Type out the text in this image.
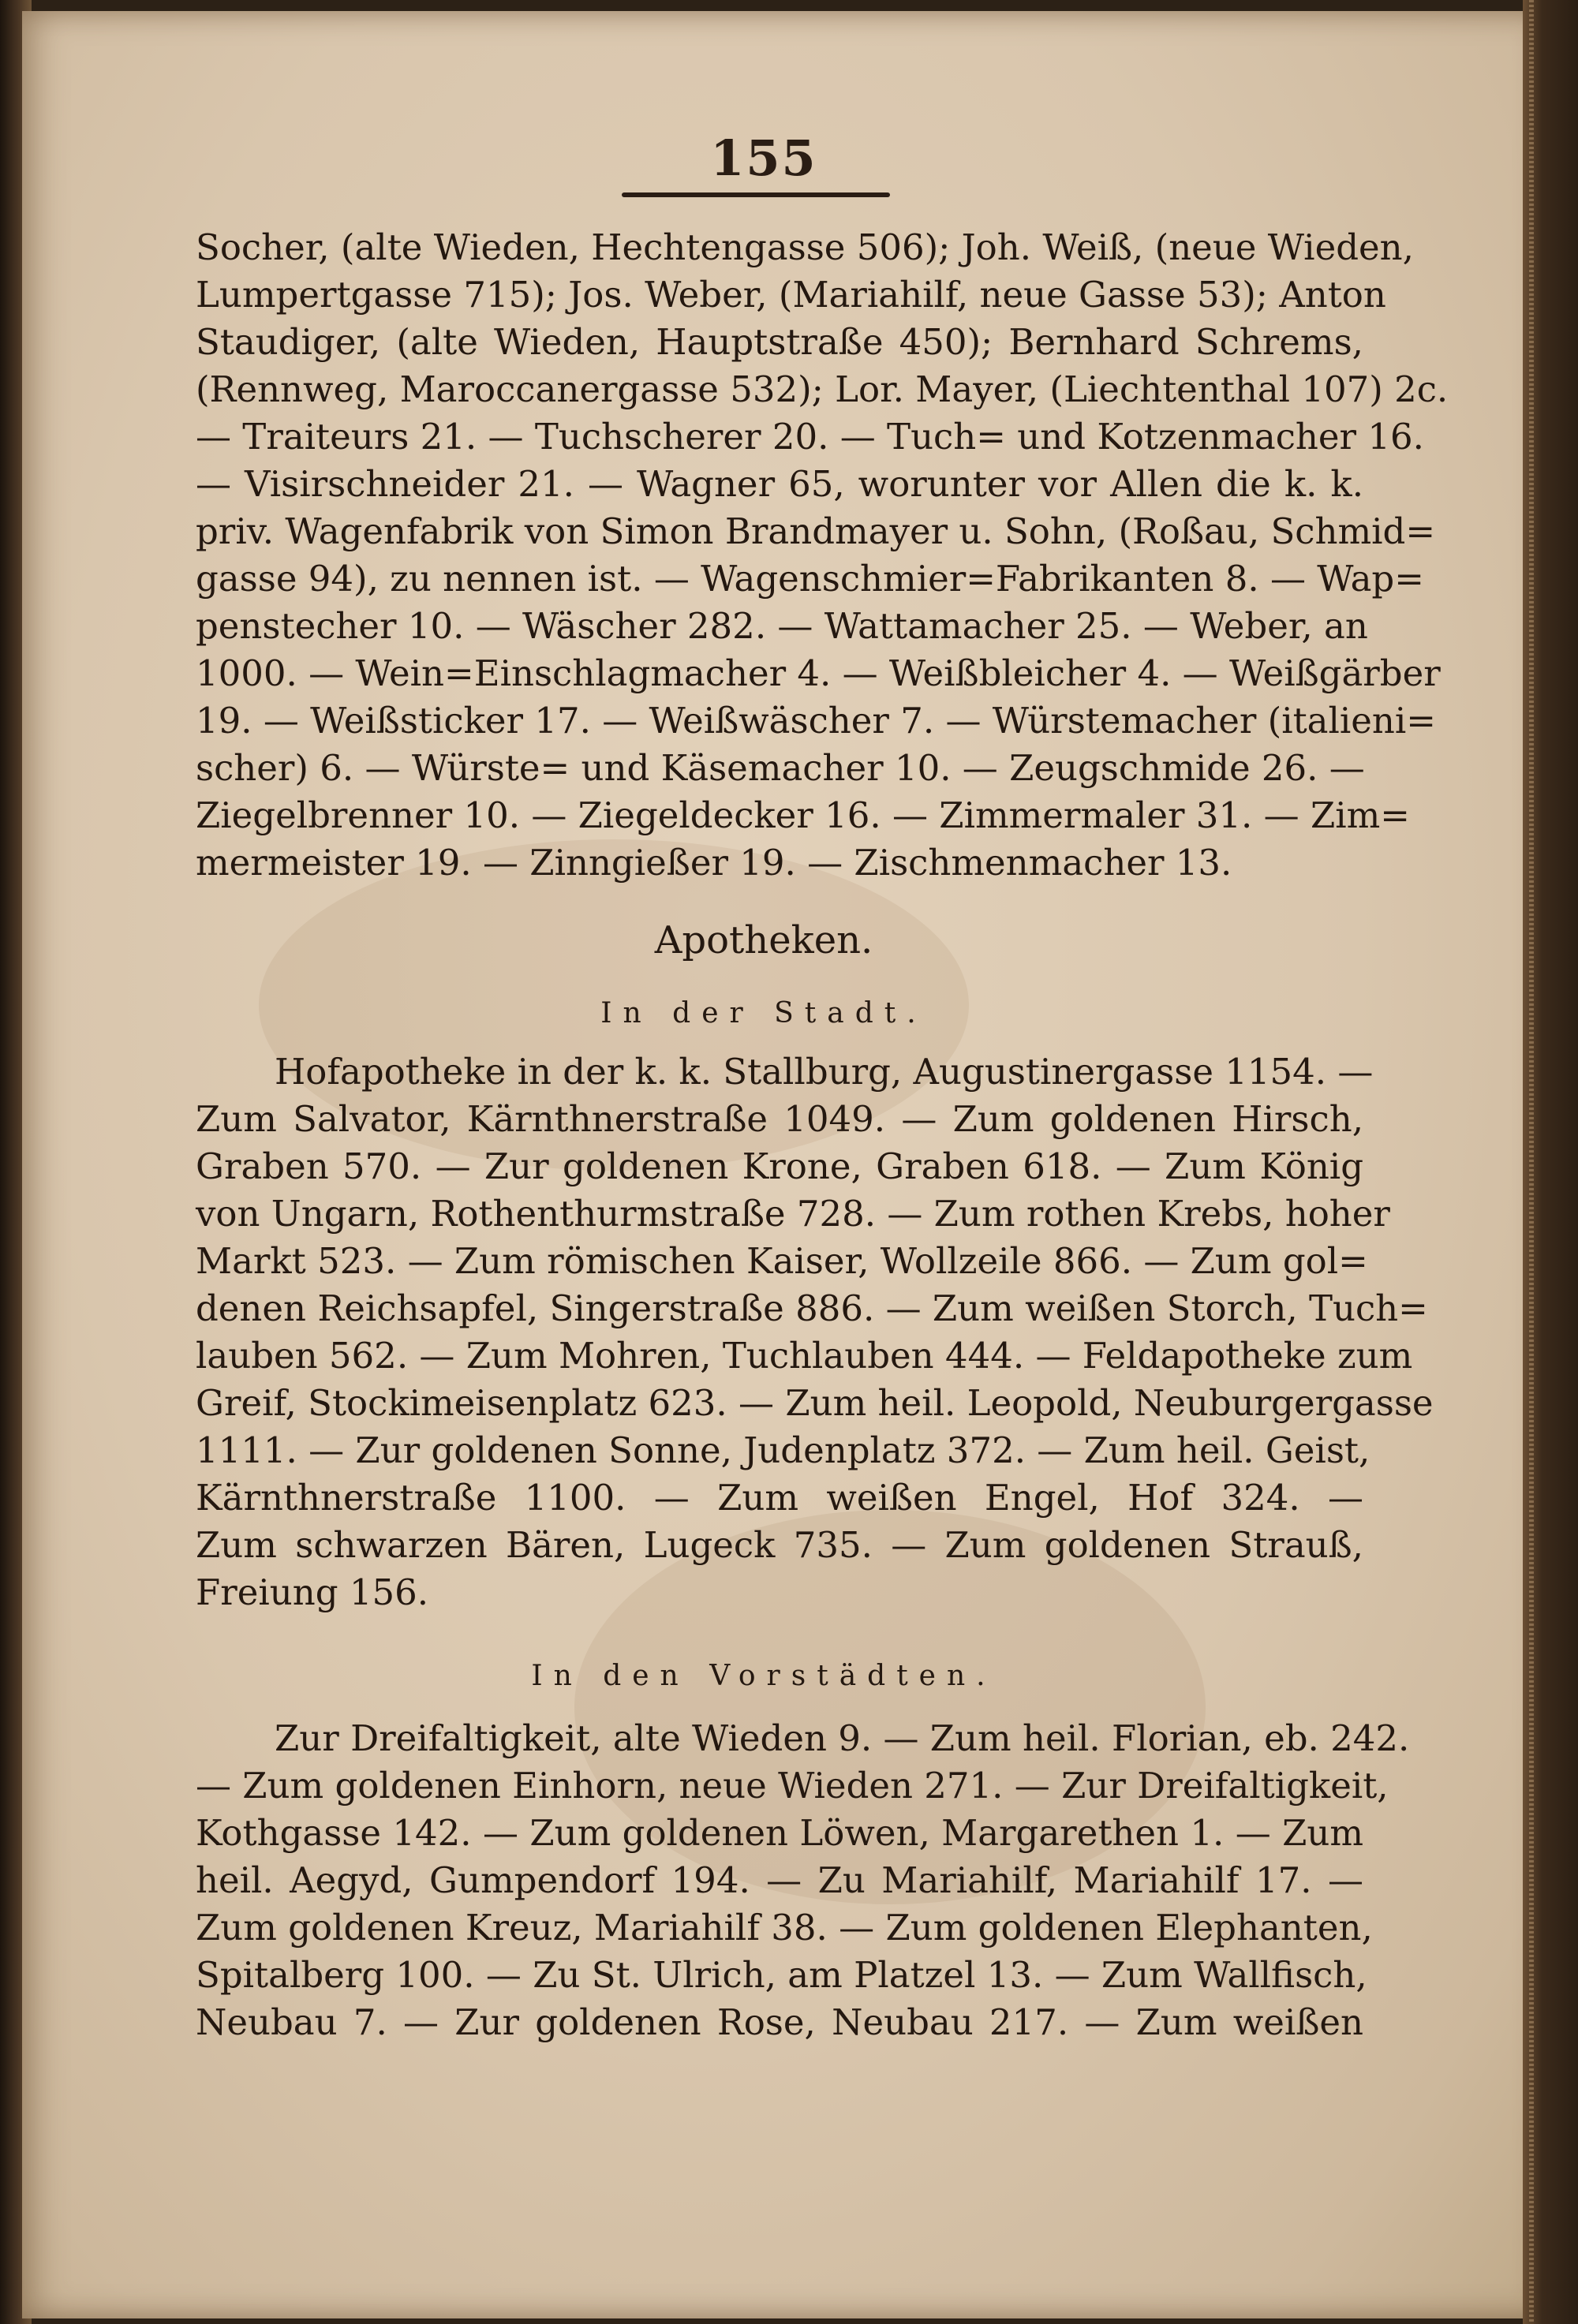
155
Socher, (alte Wieden, Hechtengasse 506); Joh. Weiß, (neue Wieden,
Lumpertgasse 715); Jos. Weber, (Mariahilf, neue Gasse 53); Anton
Staudiger, (alte Wieden, Hauptstraße 450); Bernhard Schrems,
(Rennweg, Maroccanergasse 532); Lor. Mayer, (Liechtenthal 107) 2c.
— Traiteurs 21. — Tuchscherer 20. — Tuch= und Kotzenmacher 16.
— Visirschneider 21. — Wagner 65, worunter vor Allen die k. k.
priv. Wagenfabrik von Simon Brandmayer u. Sohn, (Roßau, Schmid=
gasse 94), zu nennen ist. — Wagenschmier=Fabrikanten 8. — Wap=
penstecher 10. — Wäscher 282. — Wattamacher 25. — Weber, an
1000. — Wein=Einschlagmacher 4. — Weißbleicher 4. — Weißgärber
19. — Weißsticker 17. — Weißwäscher 7. — Würstemacher (italieni=
scher) 6. — Würste= und Käsemacher 10. — Zeugschmide 26. —
Ziegelbrenner 10. — Ziegeldecker 16. — Zimmermaler 31. — Zim=
mermeister 19. — Zinngießer 19. — Zischmenmacher 13.
Apotheken.
In der Stadt.
Hofapotheke in der k. k. Stallburg, Augustinergasse 1154. —
Zum Salvator, Kärnthnerstraße 1049. — Zum goldenen Hirsch,
Graben 570. — Zur goldenen Krone, Graben 618. — Zum König
von Ungarn, Rothenthurmstraße 728. — Zum rothen Krebs, hoher
Markt 523. — Zum römischen Kaiser, Wollzeile 866. — Zum gol=
denen Reichsapfel, Singerstraße 886. — Zum weißen Storch, Tuch=
lauben 562. — Zum Mohren, Tuchlauben 444. — Feldapotheke zum
Greif, Stockimeisenplatz 623. — Zum heil. Leopold, Neuburgergasse
1111. — Zur goldenen Sonne, Judenplatz 372. — Zum heil. Geist,
Kärnthnerstraße 1100. — Zum weißen Engel, Hof 324. —
Zum schwarzen Bären, Lugeck 735. — Zum goldenen Strauß,
Freiung 156.
In den Vorstädten.
Zur Dreifaltigkeit, alte Wieden 9. — Zum heil. Florian, eb. 242.
— Zum goldenen Einhorn, neue Wieden 271. — Zur Dreifaltigkeit,
Kothgasse 142. — Zum goldenen Löwen, Margarethen 1. — Zum
heil. Aegyd, Gumpendorf 194. — Zu Mariahilf, Mariahilf 17. —
Zum goldenen Kreuz, Mariahilf 38. — Zum goldenen Elephanten,
Spitalberg 100. — Zu St. Ulrich, am Platzel 13. — Zum Wallfisch,
Neubau 7. — Zur goldenen Rose, Neubau 217. — Zum weißen
